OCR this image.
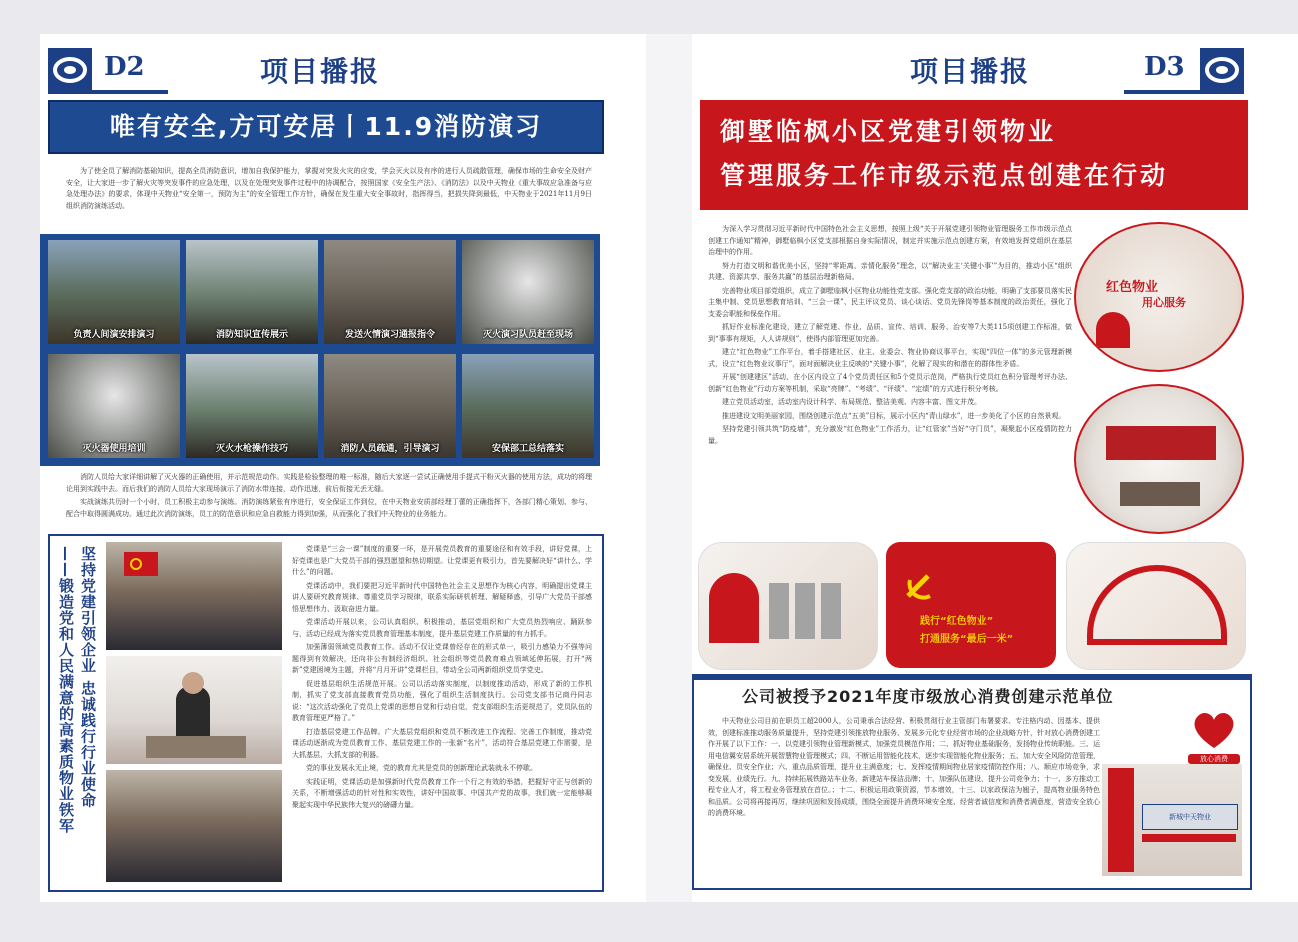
D2	项目播报
唯有安全,方可安居丨11.9消防演习

为了使全员了解消防基础知识，提高全员消防意识，增加自我保护能力，掌握对突发火灾的应变，学会灭火以及有序的进行人员疏散管理，确保市场的生命安全及财产安全，让大家进一步了解火灾等突发事件的应急处理，以及在处理突发事件过程中的协调配合，按照国家《安全生产法》、《消防法》以及中天物业《重大事故应急准备与应急处理办法》的要求，体现中天物业“安全第一，预防为主”的安全管理工作方针，确保在发生重大安全事故时，指挥得当，把损失降到最低，中天物业于2021年11月9日组织消防演练活动。

负责人间演安排演习	消防知识宣传展示	发送火情演习通报指令	灭火演习队员赶至现场
灭火器使用培训	灭火水枪操作技巧	消防人员疏通，引导演习	安保部工总结落实

消防人员给大家详细讲解了灭火器的正确使用，并示范规范动作。实践是检验整理的唯一标准，随后大家逐一尝试正确使用手提式干粉灭火器的使用方法，成功的将理论用到实践中去。而后我们的消防人员给大家现场演示了消防水带连接，动作迅速，前后衔接无丢无缝。

实战演练共历时一个小时，员工积极主动参与演练。消防演练紧张有序进行，安全保证工作到位，在中天物业安质部经理丁蕾的正确指挥下，各部门精心策划、参与、配合中取得圆满成功。通过此次消防演练，员工的防范意识和应急自救能力得到加强，从而强化了我们中天物业的业务能力。

——锻造党和人民满意的高素质物业铁军 坚持党建引领企业 忠诚践行行业使命	党课是“三会一课”制度的重要一环，是开展党员教育的重要途径和有效手段，讲好党课，上好党课也是广大党员干部的强烈愿望和热切期望。让党课更有吸引力，首先要解决好“讲什么、学什么”的问题。

党课活动中，我们要把习近平新时代中国特色社会主义思想作为核心内容，明确提出党课主讲人要研究教育规律、尊重党员学习规律，联系实际研机析理、解疑释惑，引导广大党员干部感悟思想伟力、汲取奋进力量。

党课活动开展以来，公司认真组织、积极推动，基层党组织和广大党员热烈响应、踊跃参与，活动已经成为落实党员教育管理基本制度，提升基层党建工作质量的有力抓手。

加强薄弱领域党员教育工作。活动不仅让党课曾经存在的形式单一，吸引力感染力不强等问题得到有效解决，还向非公有制经济组织、社会组织等党员教育难点领域延伸拓展，打开“两新”党建困境为主题，并将“月月开讲”党课栏目，带动全公司两新组织党员学党史。

促进基层组织生活规范开展。公司以活动落实制度，以制度推动活动，形成了新的工作机制，抓实了党支部直接教育党员功能，强化了组织生活制度执行。公司党支部书记商丹同志说：“这次活动强化了党员上党课的思想自觉和行动自觉，党支部组织生活更规范了，党员队伍的教育管理更严格了。”

打造基层党建工作品牌。广大基层党组织和党员不断改进工作流程、完善工作制度，推动党课活动逐渐成为党员教育工作、基层党建工作的一张新“名片”，活动符合基层党建工作需要，是大抓基层、大抓支部的利器。

党的事业发展永无止境，党的教育尤其是党员的创新理论武装就永不停歇。

实践证明，党课活动是加强新时代党员教育工作一个行之有效的举措，把握好守正与创新的关系，不断增强活动的针对性和实效性，讲好中国故事、中国共产党的故事，我们就一定能够凝聚起实现中华民族伟大复兴的磅礴力量。

项目播报	D3
御墅临枫小区党建引领物业
管理服务工作市级示范点创建在行动

为深入学习贯彻习近平新时代中国特色社会主义思想，按照上级“关于开展党建引领物业管理服务工作市级示范点创建工作通知”精神，御墅临枫小区党支部根据自身实际情况，制定并实施示范点创建方案，有效地发挥党组织在基层治理中的作用。

努力打造文明和谐优美小区，坚持“零距离、亲情化服务”理念，以“解决业主‘关键小事’”为目的，推动小区“组织共建、资源共享、服务共赢”的基层治理新格局。

完善物业项目部党组织，成立了御墅临枫小区物业功能性党支部。强化党支部的政治功能，明确了支部要员落实民主集中制、党员思想教育培训、“三会一课”、民主评议党员、谈心谈话、党员先锋岗等基本制度的政治责任，强化了支委会职能和保垒作用。

抓好作业标准化建设，建立了解党建、作业、品质、宣传、培训、服务、治安等7大类115项创建工作标准，做到“事事有规矩，人人讲规则”，使得内部管理更加完善。

建立“红色物业”工作平台，着手搭建社区、业主、业委会、物业协商议事平台，实现“四位一体”的多元管理新模式，设立“红色物业议事厅”，面对面解决业主反映的“关键小事”，化解了现实的和潜在的群体性矛盾。

开展“创建建区”活动，在小区内设立了4个党员责任区和5个党员示范岗，严格执行党员红色积分管理考评办法、创新“红色物业”行动方案等机制，采取“亮牌”、“考绩”、“评绩”、“定绩”的方式进行积分考核。

建立党员活动室，活动室内设计科学、布局规范、整洁美观、内容丰富、图文并茂。

推进建设文明美丽家园，围绕创建示范点“五美”目标，展示小区内“青山绿水”，进一步美化了小区的自然景观。

坚持党建引领共筑“防疫墙”，充分激发“红色物业”工作活力，让“红管家”当好“守门员”，凝聚起小区疫情防控力量。

红色物业
用心服务
践行“红色物业”
打通服务“最后一米”
公司被授予2021年度市级放心消费创建示范单位

中天物业公司目前在职员工超2000人，公司秉承合法经营、积极贯彻行业主管部门布署要求、专注格内动、因基本、提供效，创建标准推动服务质量提升，坚持党建引领推放物业服务、发展多元化专业经营市场的企业战略方针，针对放心消费创建工作开展了以下工作：一、以党建引领物业管理新模式，加强党员模范作用；二、抓好物业基础服务，发扬物业传统职能。三、运用电信翼安居系统开展智慧物业管理模式；四、不断运用智能化技术，逐步实现智能化物业服务；五、加大安全风险防范管理，确保业、员安全作业；六、重点品质管理，提升业主满意度；七、发挥疫情期间物业居家疫情防控作用；八、顺应市场竞争，求变发展，业绩先行。九、持续拓展铁路站车业务，新建站车保洁品牌；十、加强队伍建设，提升公司竞争力；十一、多方推动工程专业人才，将工程业务管理放在首位。；十二、积极运用政策资源，节本增效，十三、以家政保洁为翘子，提高物业服务特色和品质。公司将再接再厉，继续巩固和发扬成绩，围绕全面提升消费环境安全度、经营者诚信度和消费者满意度，营造安全放心的消费环境。

放心消费
新城中天物业
